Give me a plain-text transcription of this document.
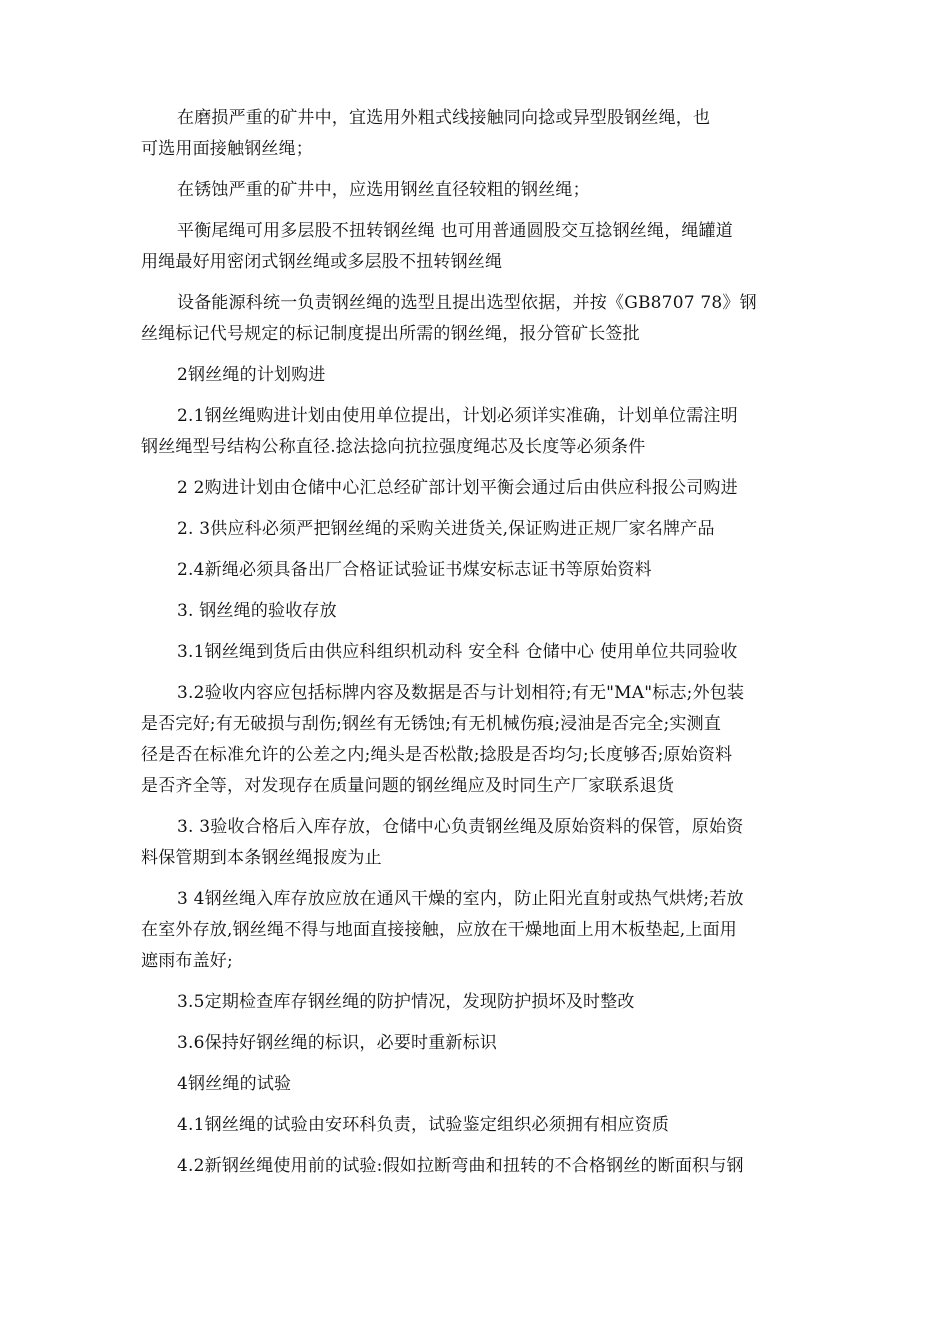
在磨损严重的矿井中，宜选用外粗式线接触同向捻或异型股钢丝绳，也
可选用面接触钢丝绳；

在锈蚀严重的矿井中，应选用钢丝直径较粗的钢丝绳；

平衡尾绳可用多层股不扭转钢丝绳 也可用普通圆股交互捻钢丝绳，绳罐道
用绳最好用密闭式钢丝绳或多层股不扭转钢丝绳

设备能源科统一负责钢丝绳的选型且提出选型依据，并按《GB8707 78》钢
丝绳标记代号规定的标记制度提出所需的钢丝绳，报分管矿长签批

2钢丝绳的计划购进

2.1钢丝绳购进计划由使用单位提出，计划必须详实准确，计划单位需注明
钢丝绳型号结构公称直径.捻法捻向抗拉强度绳芯及长度等必须条件

2 2购进计划由仓储中心汇总经矿部计划平衡会通过后由供应科报公司购进

2. 3供应科必须严把钢丝绳的采购关进货关,保证购进正规厂家名牌产品

2.4新绳必须具备出厂合格证试验证书煤安标志证书等原始资料

3. 钢丝绳的验收存放

3.1钢丝绳到货后由供应科组织机动科 安全科 仓储中心 使用单位共同验收

3.2验收内容应包括标牌内容及数据是否与计划相符;有无"MA"标志;外包装
是否完好;有无破损与刮伤;钢丝有无锈蚀;有无机械伤痕;浸油是否完全;实测直
径是否在标准允许的公差之内;绳头是否松散;捻股是否均匀;长度够否;原始资料
是否齐全等，对发现存在质量问题的钢丝绳应及时同生产厂家联系退货

3. 3验收合格后入库存放，仓储中心负责钢丝绳及原始资料的保管，原始资
料保管期到本条钢丝绳报废为止

3 4钢丝绳入库存放应放在通风干燥的室内，防止阳光直射或热气烘烤;若放
在室外存放,钢丝绳不得与地面直接接触，应放在干燥地面上用木板垫起,上面用
遮雨布盖好;

3.5定期检查库存钢丝绳的防护情况，发现防护损坏及时整改

3.6保持好钢丝绳的标识，必要时重新标识

4钢丝绳的试验

4.1钢丝绳的试验由安环科负责，试验鉴定组织必须拥有相应资质

4.2新钢丝绳使用前的试验:假如拉断弯曲和扭转的不合格钢丝的断面积与钢
